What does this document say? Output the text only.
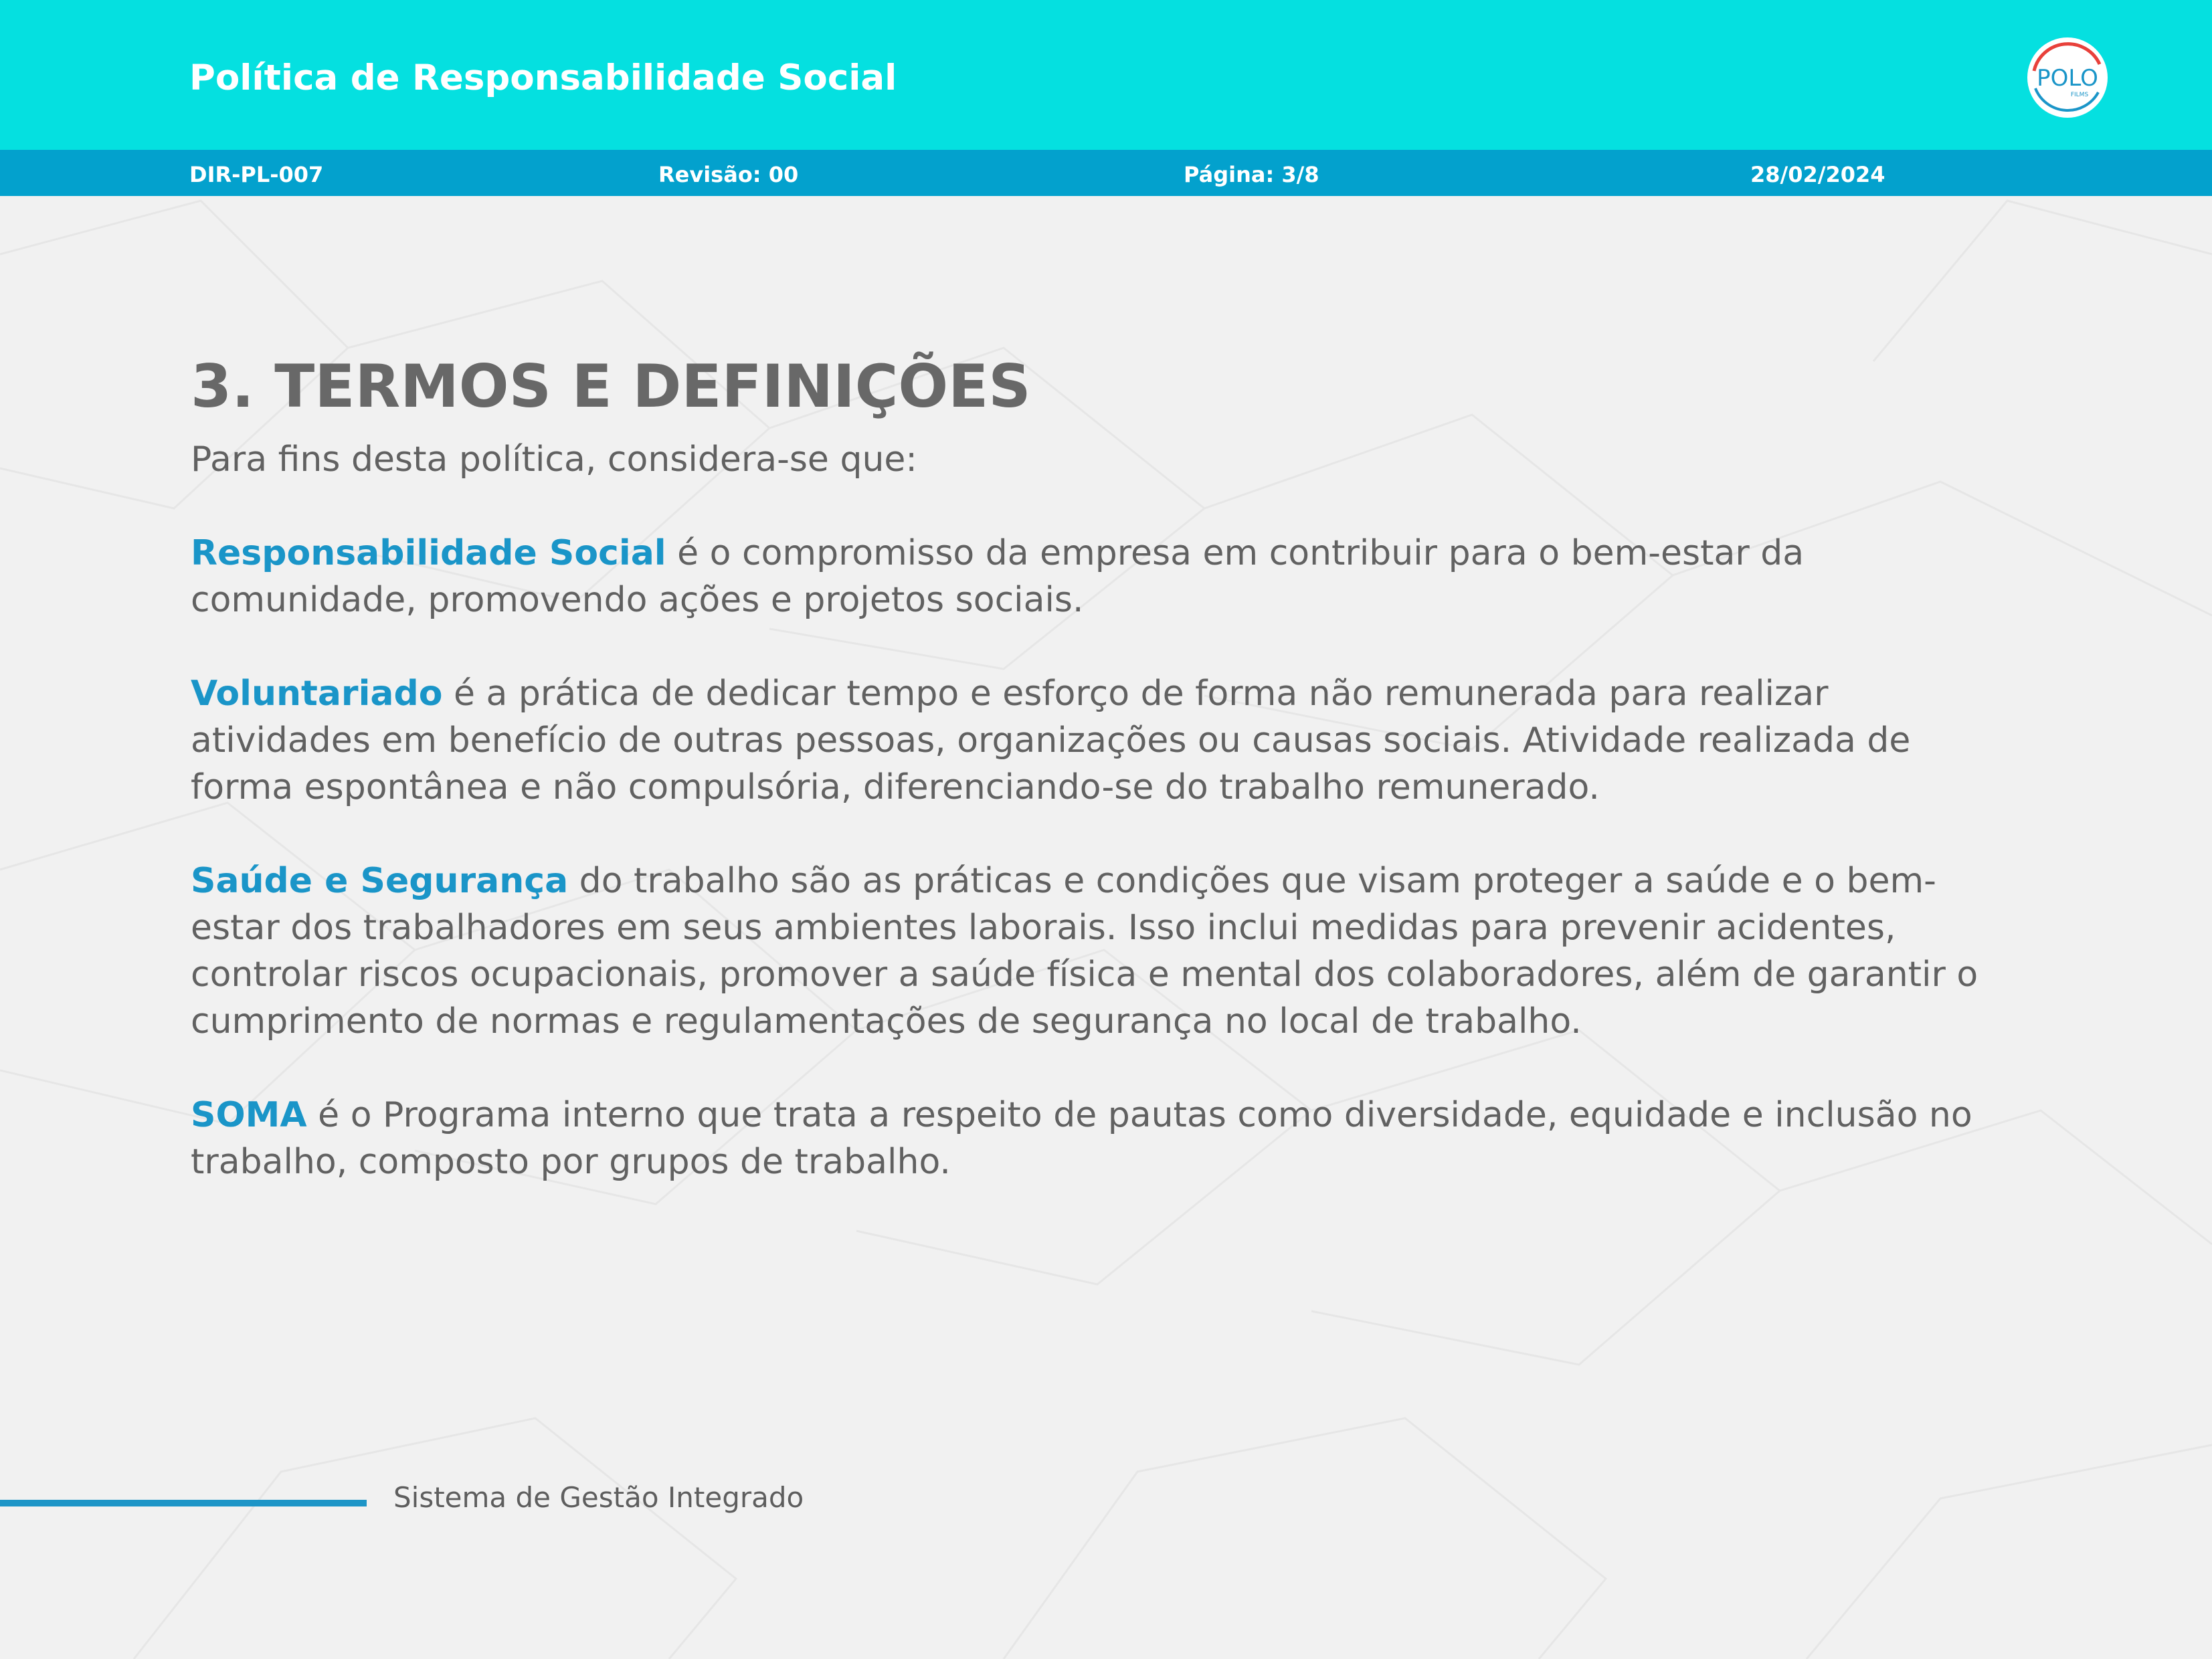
Política de Responsabilidade Social	POLO
FILMS
DIR-PL-007	Revisão: 00	Página: 3/8	28/02/2024
3. TERMOS E DEFINIÇÕES

Para fins desta política, considera-se que:

Responsabilidade Social é o compromisso da empresa em contribuir para o bem-estar da comunidade, promovendo ações e projetos sociais.

Voluntariado é a prática de dedicar tempo e esforço de forma não remunerada para realizar atividades em benefício de outras pessoas, organizações ou causas sociais. Atividade realizada de forma espontânea e não compulsória, diferenciando-se do trabalho remunerado.

Saúde e Segurança do trabalho são as práticas e condições que visam proteger a saúde e o bem-estar dos trabalhadores em seus ambientes laborais. Isso inclui medidas para prevenir acidentes, controlar riscos ocupacionais, promover a saúde física e mental dos colaboradores, além de garantir o cumprimento de normas e regulamentações de segurança no local de trabalho.

SOMA é o Programa interno que trata a respeito de pautas como diversidade, equidade e inclusão no trabalho, composto por grupos de trabalho.

Sistema de Gestão Integrado
